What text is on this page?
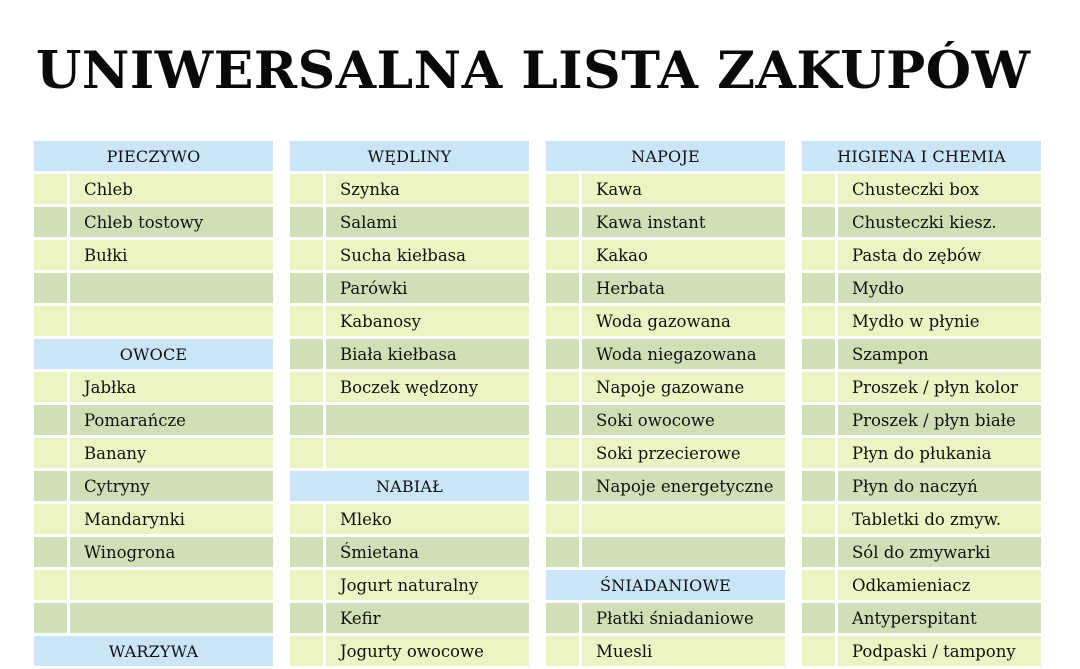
UNIWERSALNA LISTA ZAKUPÓW
PIECZYWO
Chleb
Chleb tostowy
Bułki
OWOCE
Jabłka
Pomarańcze
Banany
Cytryny
Mandarynki
Winogrona
WARZYWA
WĘDLINY
Szynka
Salami
Sucha kiełbasa
Parówki
Kabanosy
Biała kiełbasa
Boczek wędzony
NABIAŁ
Mleko
Śmietana
Jogurt naturalny
Kefir
Jogurty owocowe
NAPOJE
Kawa
Kawa instant
Kakao
Herbata
Woda gazowana
Woda niegazowana
Napoje gazowane
Soki owocowe
Soki przecierowe
Napoje energetyczne
ŚNIADANIOWE
Płatki śniadaniowe
Muesli
HIGIENA I CHEMIA
Chusteczki box
Chusteczki kiesz.
Pasta do zębów
Mydło
Mydło w płynie
Szampon
Proszek / płyn kolor
Proszek / płyn białe
Płyn do płukania
Płyn do naczyń
Tabletki do zmyw.
Sól do zmywarki
Odkamieniacz
Antyperspitant
Podpaski / tampony
